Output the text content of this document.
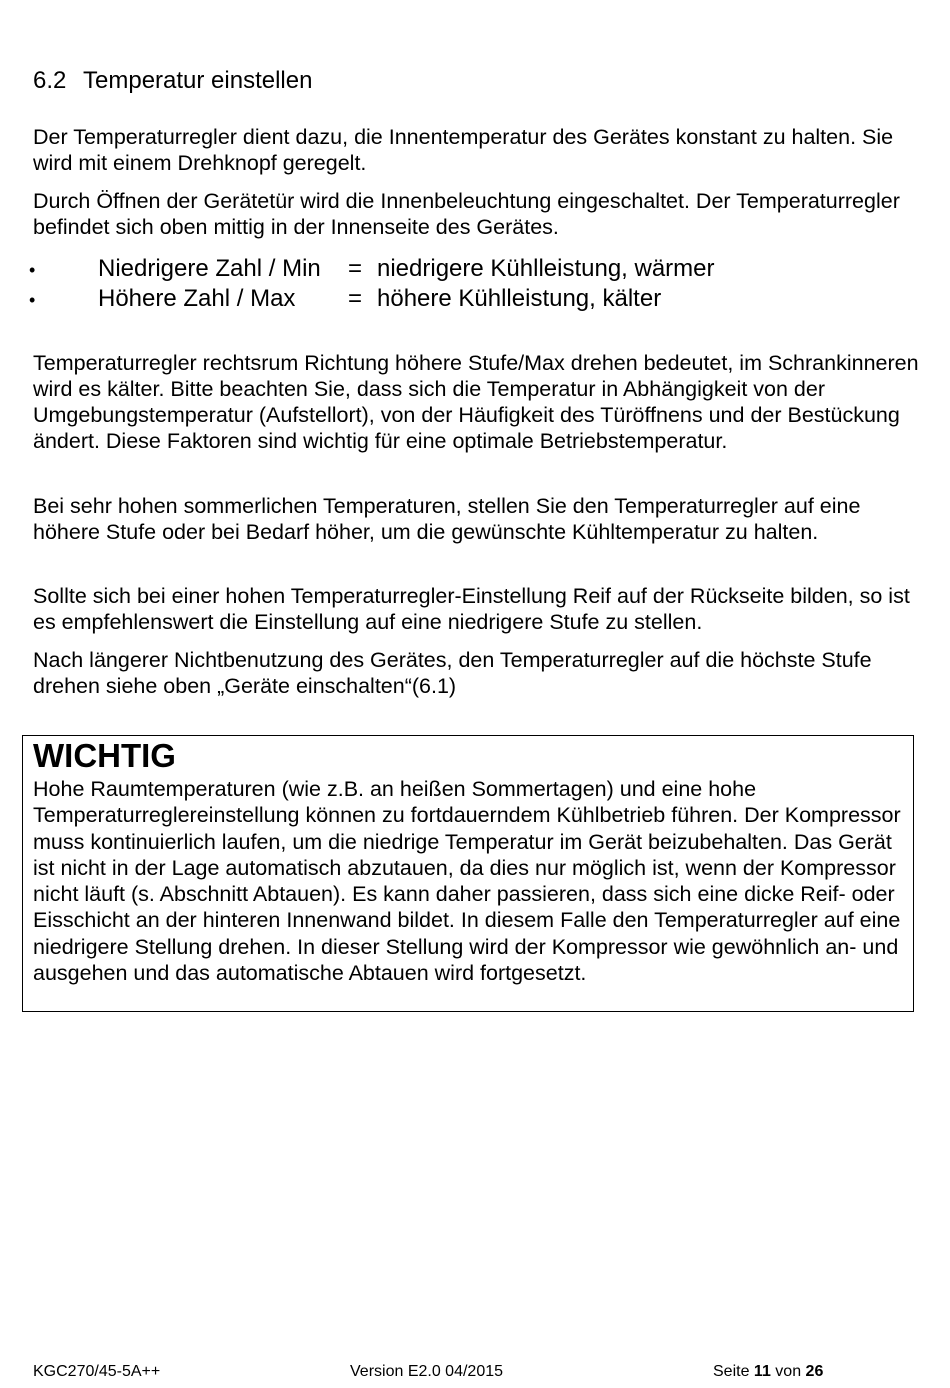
6.2 Temperatur einstellen

Der Temperaturregler dient dazu, die Innentemperatur des Gerätes konstant zu halten. Sie wird mit einem Drehknopf geregelt.

Durch Öffnen der Gerätetür wird die Innenbeleuchtung eingeschaltet. Der Temperaturregler befindet sich oben mittig in der Innenseite des Gerätes.

•	Niedrigere Zahl / Min	= niedrigere Kühlleistung, wärmer
•	Höhere Zahl / Max	= höhere Kühlleistung, kälter

Temperaturregler rechtsrum Richtung höhere Stufe/Max drehen bedeutet, im Schrankinneren wird es kälter. Bitte beachten Sie, dass sich die Temperatur in Abhängigkeit von der Umgebungstemperatur (Aufstellort), von der Häufigkeit des Türöffnens und der Bestückung ändert. Diese Faktoren sind wichtig für eine optimale Betriebstemperatur.

Bei sehr hohen sommerlichen Temperaturen, stellen Sie den Temperaturregler auf eine höhere Stufe oder bei Bedarf höher, um die gewünschte Kühltemperatur zu halten.

Sollte sich bei einer hohen Temperaturregler-Einstellung Reif auf der Rückseite bilden, so ist es empfehlenswert die Einstellung auf eine niedrigere Stufe zu stellen.

Nach längerer Nichtbenutzung des Gerätes, den Temperaturregler auf die höchste Stufe drehen siehe oben „Geräte einschalten“(6.1)

WICHTIG

Hohe Raumtemperaturen (wie z.B. an heißen Sommertagen) und eine hohe Temperaturreglereinstellung können zu fortdauerndem Kühlbetrieb führen. Der Kompressor muss kontinuierlich laufen, um die niedrige Temperatur im Gerät beizubehalten. Das Gerät ist nicht in der Lage automatisch abzutauen, da dies nur möglich ist, wenn der Kompressor nicht läuft (s. Abschnitt Abtauen). Es kann daher passieren, dass sich eine dicke Reif- oder Eisschicht an der hinteren Innenwand bildet. In diesem Falle den Temperaturregler auf eine niedrigere Stellung drehen. In dieser Stellung wird der Kompressor wie gewöhnlich an- und ausgehen und das automatische Abtauen wird fortgesetzt.

KGC270/45-5A++	Version E2.0 04/2015	Seite 11 von 26
